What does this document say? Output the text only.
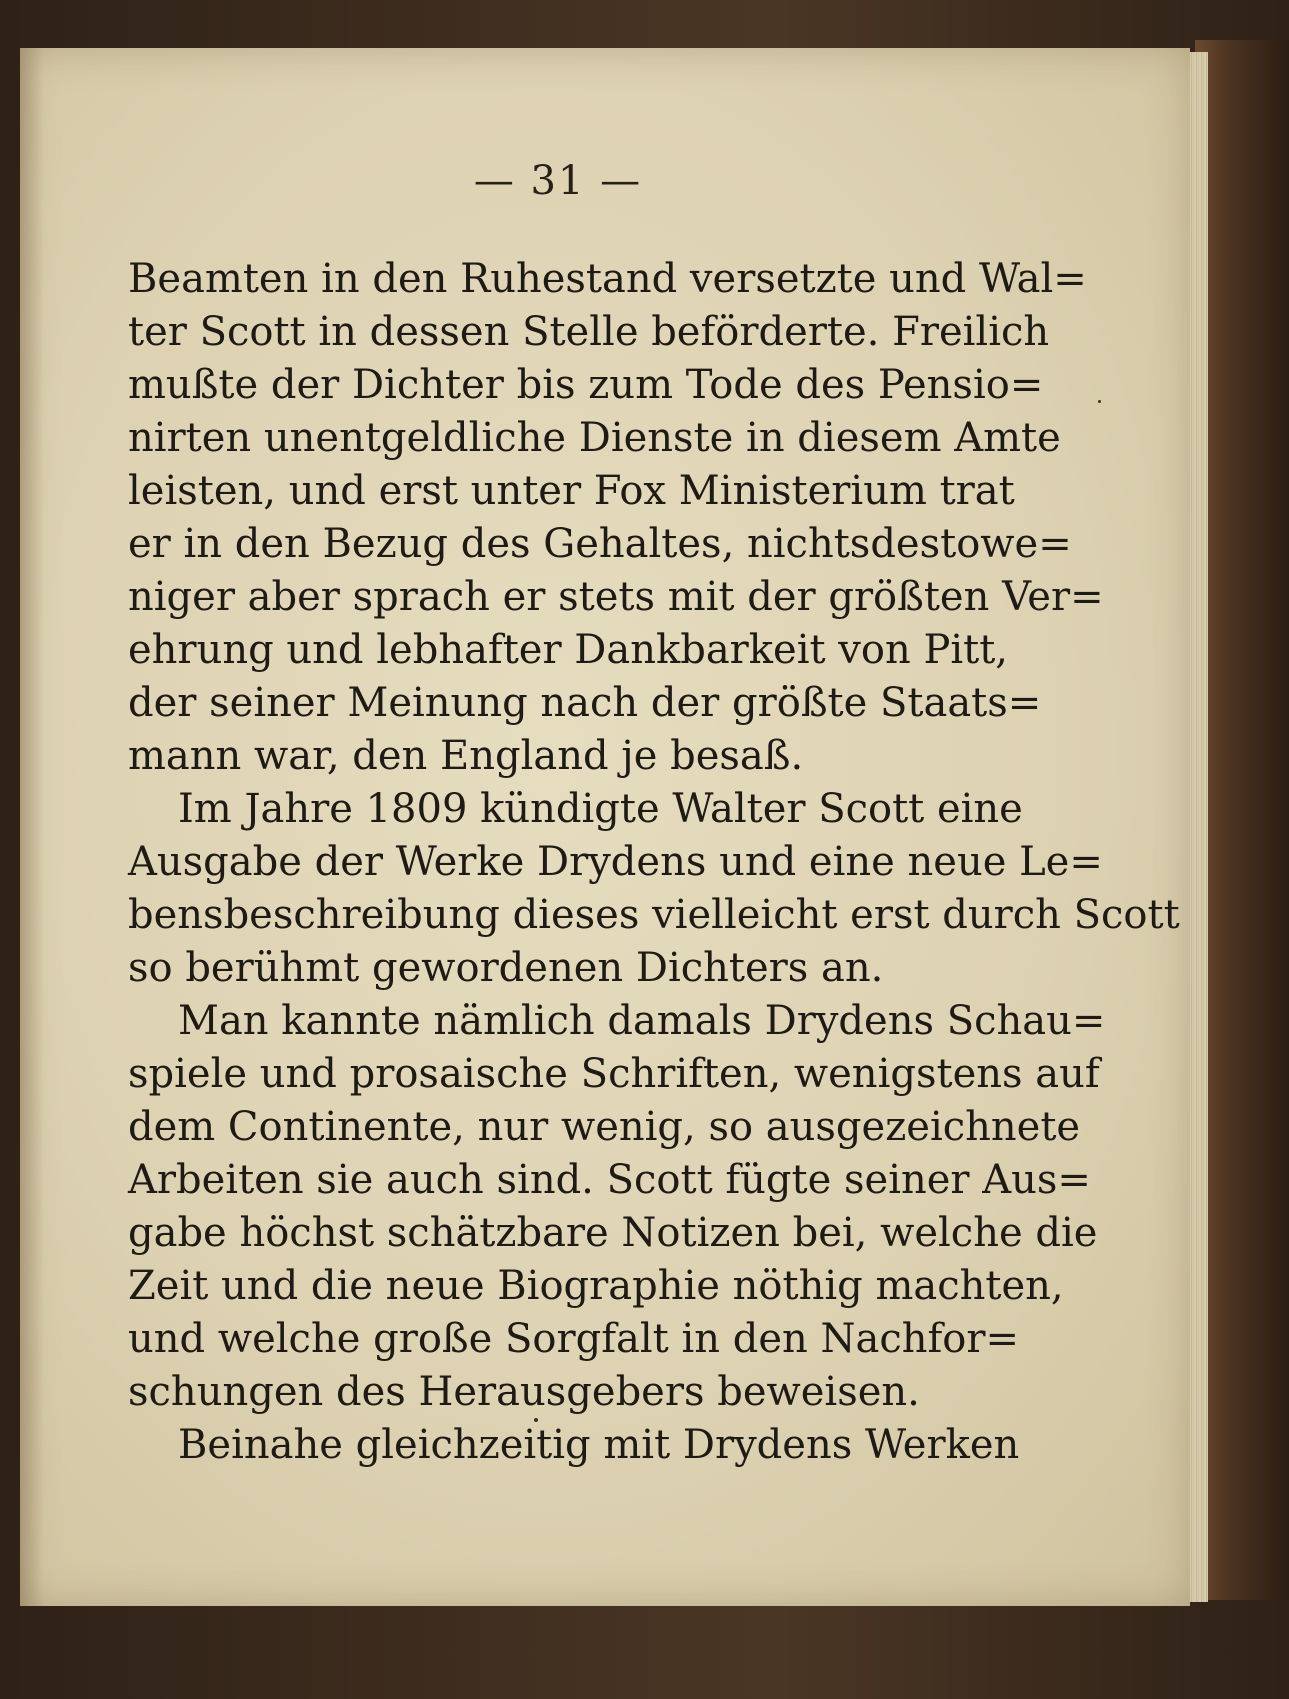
— 31 —
Beamten in den Ruhestand versetzte und Wal=
ter Scott in dessen Stelle beförderte. Freilich
mußte der Dichter bis zum Tode des Pensio=
nirten unentgeldliche Dienste in diesem Amte
leisten, und erst unter Fox Ministerium trat
er in den Bezug des Gehaltes, nichtsdestowe=
niger aber sprach er stets mit der größten Ver=
ehrung und lebhafter Dankbarkeit von Pitt,
der seiner Meinung nach der größte Staats=
mann war, den England je besaß.
Im Jahre 1809 kündigte Walter Scott eine
Ausgabe der Werke Drydens und eine neue Le=
bensbeschreibung dieses vielleicht erst durch Scott
so berühmt gewordenen Dichters an.
Man kannte nämlich damals Drydens Schau=
spiele und prosaische Schriften, wenigstens auf
dem Continente, nur wenig, so ausgezeichnete
Arbeiten sie auch sind. Scott fügte seiner Aus=
gabe höchst schätzbare Notizen bei, welche die
Zeit und die neue Biographie nöthig machten,
und welche große Sorgfalt in den Nachfor=
schungen des Herausgebers beweisen.
Beinahe gleichzeitig mit Drydens Werken
